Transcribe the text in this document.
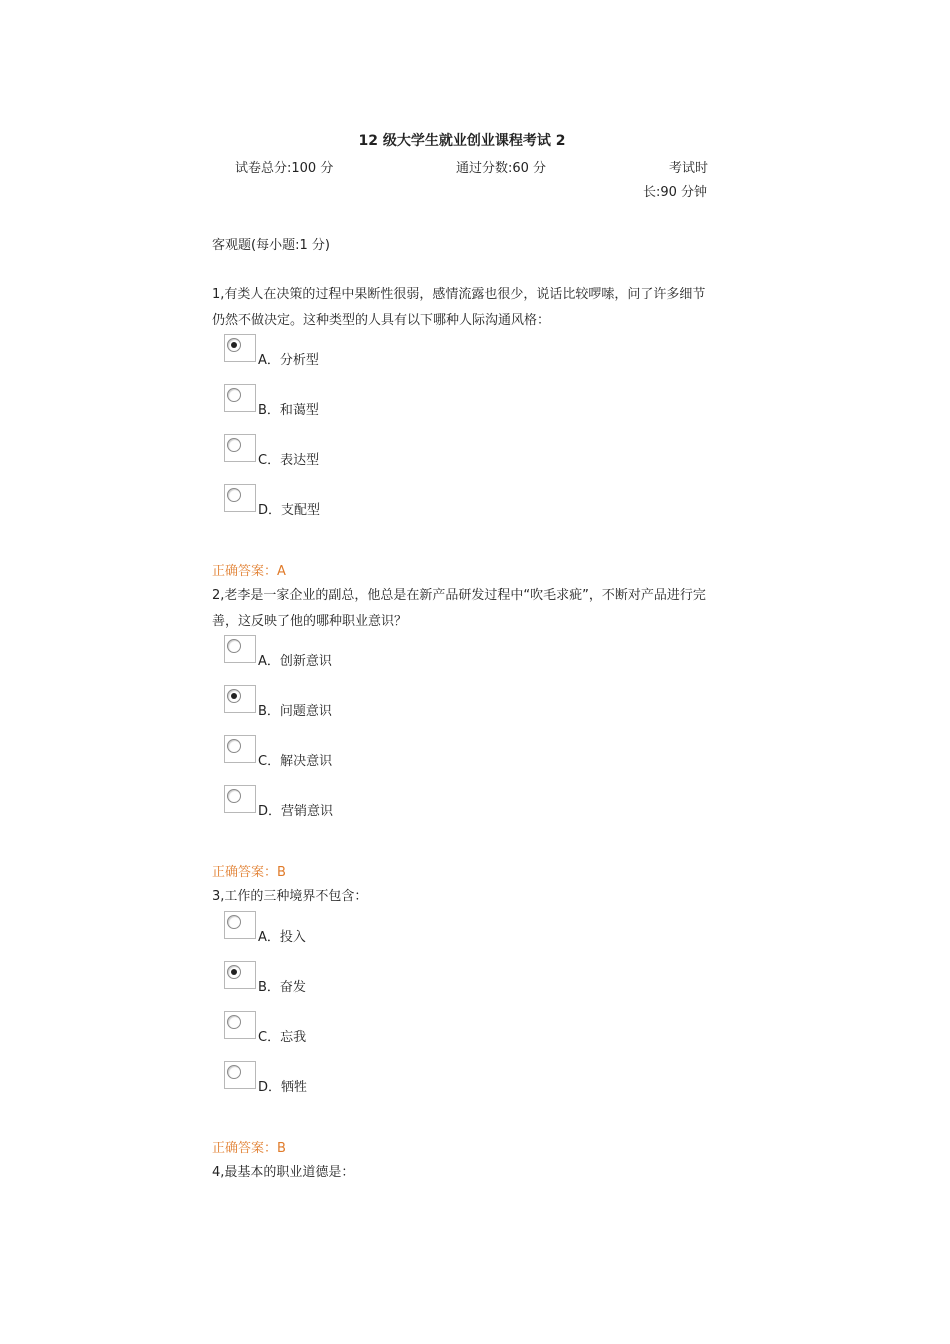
12 级大学生就业创业课程考试 2
试卷总分:100 分	通过分数:60 分	考试时
长:90 分钟
客观题(每小题:1 分)
1,有类人在决策的过程中果断性很弱，感情流露也很少，说话比较啰嗦，问了许多细节仍然不做决定。这种类型的人具有以下哪种人际沟通风格：
A．分析型
B．和蔼型
C．表达型
D．支配型
正确答案：A
2,老李是一家企业的副总，他总是在新产品研发过程中“吹毛求疵”，不断对产品进行完善，这反映了他的哪种职业意识？
A．创新意识
B．问题意识
C．解决意识
D．营销意识
正确答案：B
3,工作的三种境界不包含：
A．投入
B．奋发
C．忘我
D．牺牲
正确答案：B
4,最基本的职业道德是：
